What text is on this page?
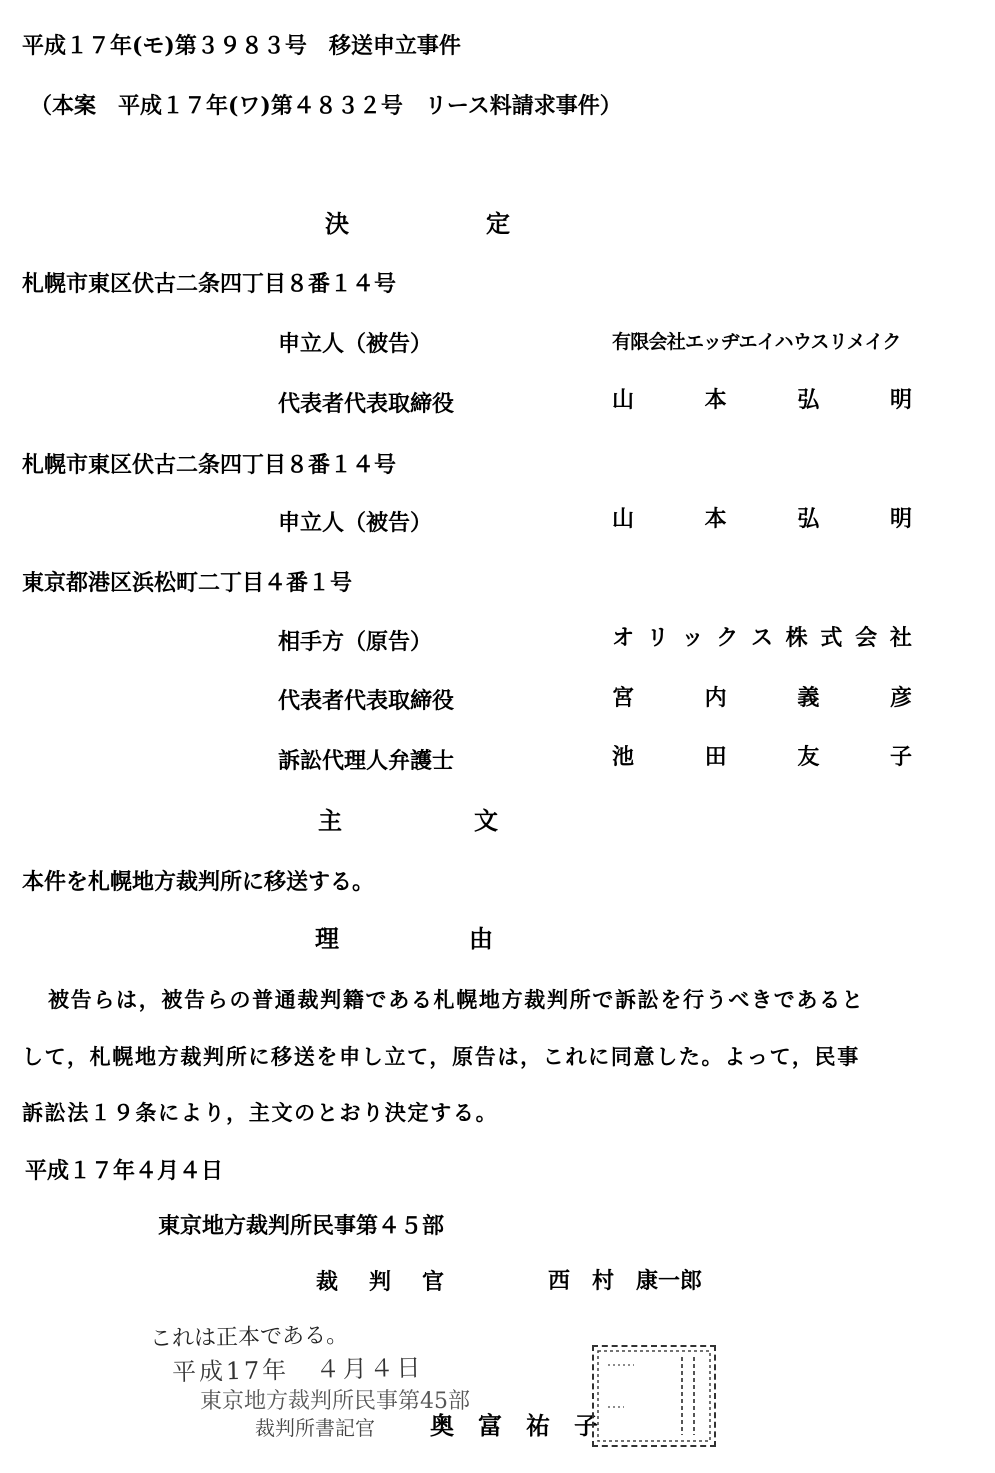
平成１７年(モ)第３９８３号　移送申立事件
（本案　平成１７年(ワ)第４８３２号　リース料請求事件）
決	定
札幌市東区伏古二条四丁目８番１４号
申立人（被告）	有限会社エッヂエイハウスリメイク
代表者代表取締役	山	本	弘	明
札幌市東区伏古二条四丁目８番１４号
申立人（被告）	山	本	弘	明
東京都港区浜松町二丁目４番１号
相手方（原告）	オ リ ッ ク ス 株 式 会 社
代表者代表取締役	宮	内	義	彦
訴訟代理人弁護士	池	田	友	子
主	文
本件を札幌地方裁判所に移送する。
理	由
被告らは，被告らの普通裁判籍である札幌地方裁判所で訴訟を行うべきであると
して，札幌地方裁判所に移送を申し立て，原告は，これに同意した。よって，民事
訴訟法１９条により，主文のとおり決定する。
平成１７年４月４日
東京地方裁判所民事第４５部
裁 判 官	西　村　康一郎
これは正本である。
平成17年　４月４日
東京地方裁判所民事第45部
裁判所書記官 奥　富　祐　子
